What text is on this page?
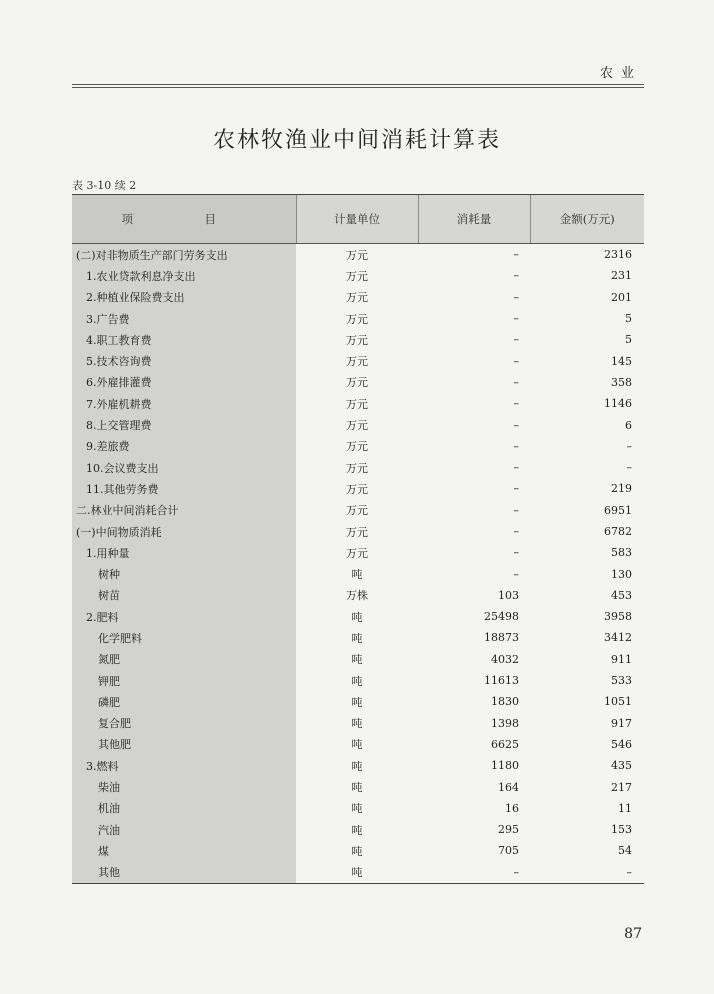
农业
农林牧渔业中间消耗计算表
表 3-10 续 2
项　目	计量单位	消耗量	金额(万元)
(二)对非物质生产部门劳务支出	万元	–	2316
1.农业贷款利息净支出	万元	–	231
2.种植业保险费支出	万元	–	201
3.广告费	万元	–	5
4.职工教育费	万元	–	5
5.技术咨询费	万元	–	145
6.外雇排灌费	万元	–	358
7.外雇机耕费	万元	–	1146
8.上交管理费	万元	–	6
9.差旅费	万元	–	–
10.会议费支出	万元	–	–
11.其他劳务费	万元	–	219
二.林业中间消耗合计	万元	–	6951
(一)中间物质消耗	万元	–	6782
1.用种量	万元	–	583
树种	吨	–	130
树苗	万株	103	453
2.肥料	吨	25498	3958
化学肥料	吨	18873	3412
氮肥	吨	4032	911
钾肥	吨	11613	533
磷肥	吨	1830	1051
复合肥	吨	1398	917
其他肥	吨	6625	546
3.燃料	吨	1180	435
柴油	吨	164	217
机油	吨	16	11
汽油	吨	295	153
煤	吨	705	54
其他	吨	–	–
87
